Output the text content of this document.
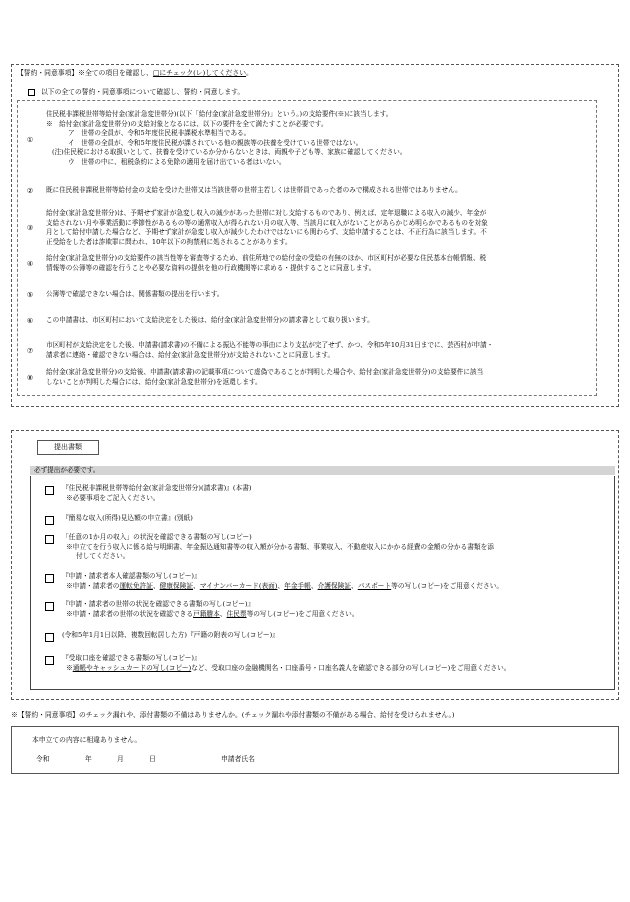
【誓約・同意事項】※全ての項目を確認し、□にチェック(レ)してください。
以下の全ての誓約・同意事項について確認し、誓約・同意します。
①
住民税非課税世帯等給付金(家計急変世帯分)(以下「給付金(家計急変世帯分)」という。)の支給要件(※)に該当します。
※　給付金(家計急変世帯分)の支給対象となるには、以下の要件を全て満たすことが必要です。
ア　世帯の全員が、令和5年度住民税非課税水準相当である。
イ　世帯の全員が、令和5年度住民税が課されている他の親族等の扶養を受けている世帯ではない。
(注)住民税における取扱いとして、扶養を受けているか分からないときは、両親や子ども等、家族に確認してください。
ウ　世帯の中に、租税条約による免除の適用を届け出ている者はいない。
②	既に住民税非課税世帯等給付金の支給を受けた世帯又は当該世帯の世帯主若しくは世帯員であった者のみで構成される世帯ではありません。
③
給付金(家計急変世帯分)は、予期せず家計が急変し収入の減少があった世帯に対し支給するものであり、例えば、定年退職による収入の減少、年金が
支給されない月や事業活動に季節性があるもの等の通常収入が得られない月の収入等、当該月に収入がないことがあらかじめ明らかであるものを対象
月として給付申請した場合など、予期せず家計が急変し収入が減少したわけではないにも関わらず、支給申請することは、不正行為に該当します。不
正受給をした者は詐欺罪に問われ、10年以下の拘禁刑に処されることがあります。
④
給付金(家計急変世帯分)の支給要件の該当性等を審査等するため、前住所地での給付金の受給の有無のほか、市区町村が必要な住民基本台帳情報、税
情報等の公簿等の確認を行うことや必要な資料の提供を他の行政機関等に求める・提供することに同意します。
⑤	公簿等で確認できない場合は、関係書類の提出を行います。
⑥	この申請書は、市区町村において支給決定をした後は、給付金(家計急変世帯分)の請求書として取り扱います。
⑦
市区町村が支給決定をした後、申請書(請求書)の不備による振込不能等の事由により支払が完了せず、かつ、令和5年10月31日までに、芸西村が申請・
請求者に連絡・確認できない場合は、給付金(家計急変世帯分)が支給されないことに同意します。
⑧
給付金(家計急変世帯分)の支給後、申請書(請求書)の記載事項について虚偽であることが判明した場合や、給付金(家計急変世帯分)の支給要件に該当
しないことが判明した場合には、給付金(家計急変世帯分)を返還します。
提出書類
必ず提出が必要です。
『住民税非課税世帯等給付金(家計急変世帯分)(請求書)』(本書)
※必要事項をご記入ください。
『簡易な収入(所得)見込額の申立書』(別紙)
「任意の1か月の収入」の状況を確認できる書類の写し(コピー)
※申立てを行う収入に係る給与明細書、年金振込通知書等の収入額が分かる書類、事業収入、不動産収入にかかる経費の金額の分かる書類を添
付してください。
『申請・請求者本人確認書類の写し(コピー)』
※申請・請求者の運転免許証、健康保険証、マイナンバーカード(表面)、年金手帳、介護保険証、パスポート等の写し(コピー)をご用意ください。
『申請・請求者の世帯の状況を確認できる書類の写し(コピー)』
※申請・請求者の世帯の状況を確認できる戸籍謄本、住民票等の写し(コピー)をご用意ください。
(令和5年1月1日以降、複数回転居した方)『戸籍の附表の写し(コピー)』
『受取口座を確認できる書類の写し(コピー)』
※通帳やキャッシュカードの写し(コピー)など、受取口座の金融機関名・口座番号・口座名義人を確認できる部分の写し(コピー)をご用意ください。
※【誓約・同意事項】のチェック漏れや、添付書類の不備はありませんか。(チェック漏れや添付書類の不備がある場合、給付を受けられません。)
本申立ての内容に相違ありません。
令和	年	月	日	申請者氏名
